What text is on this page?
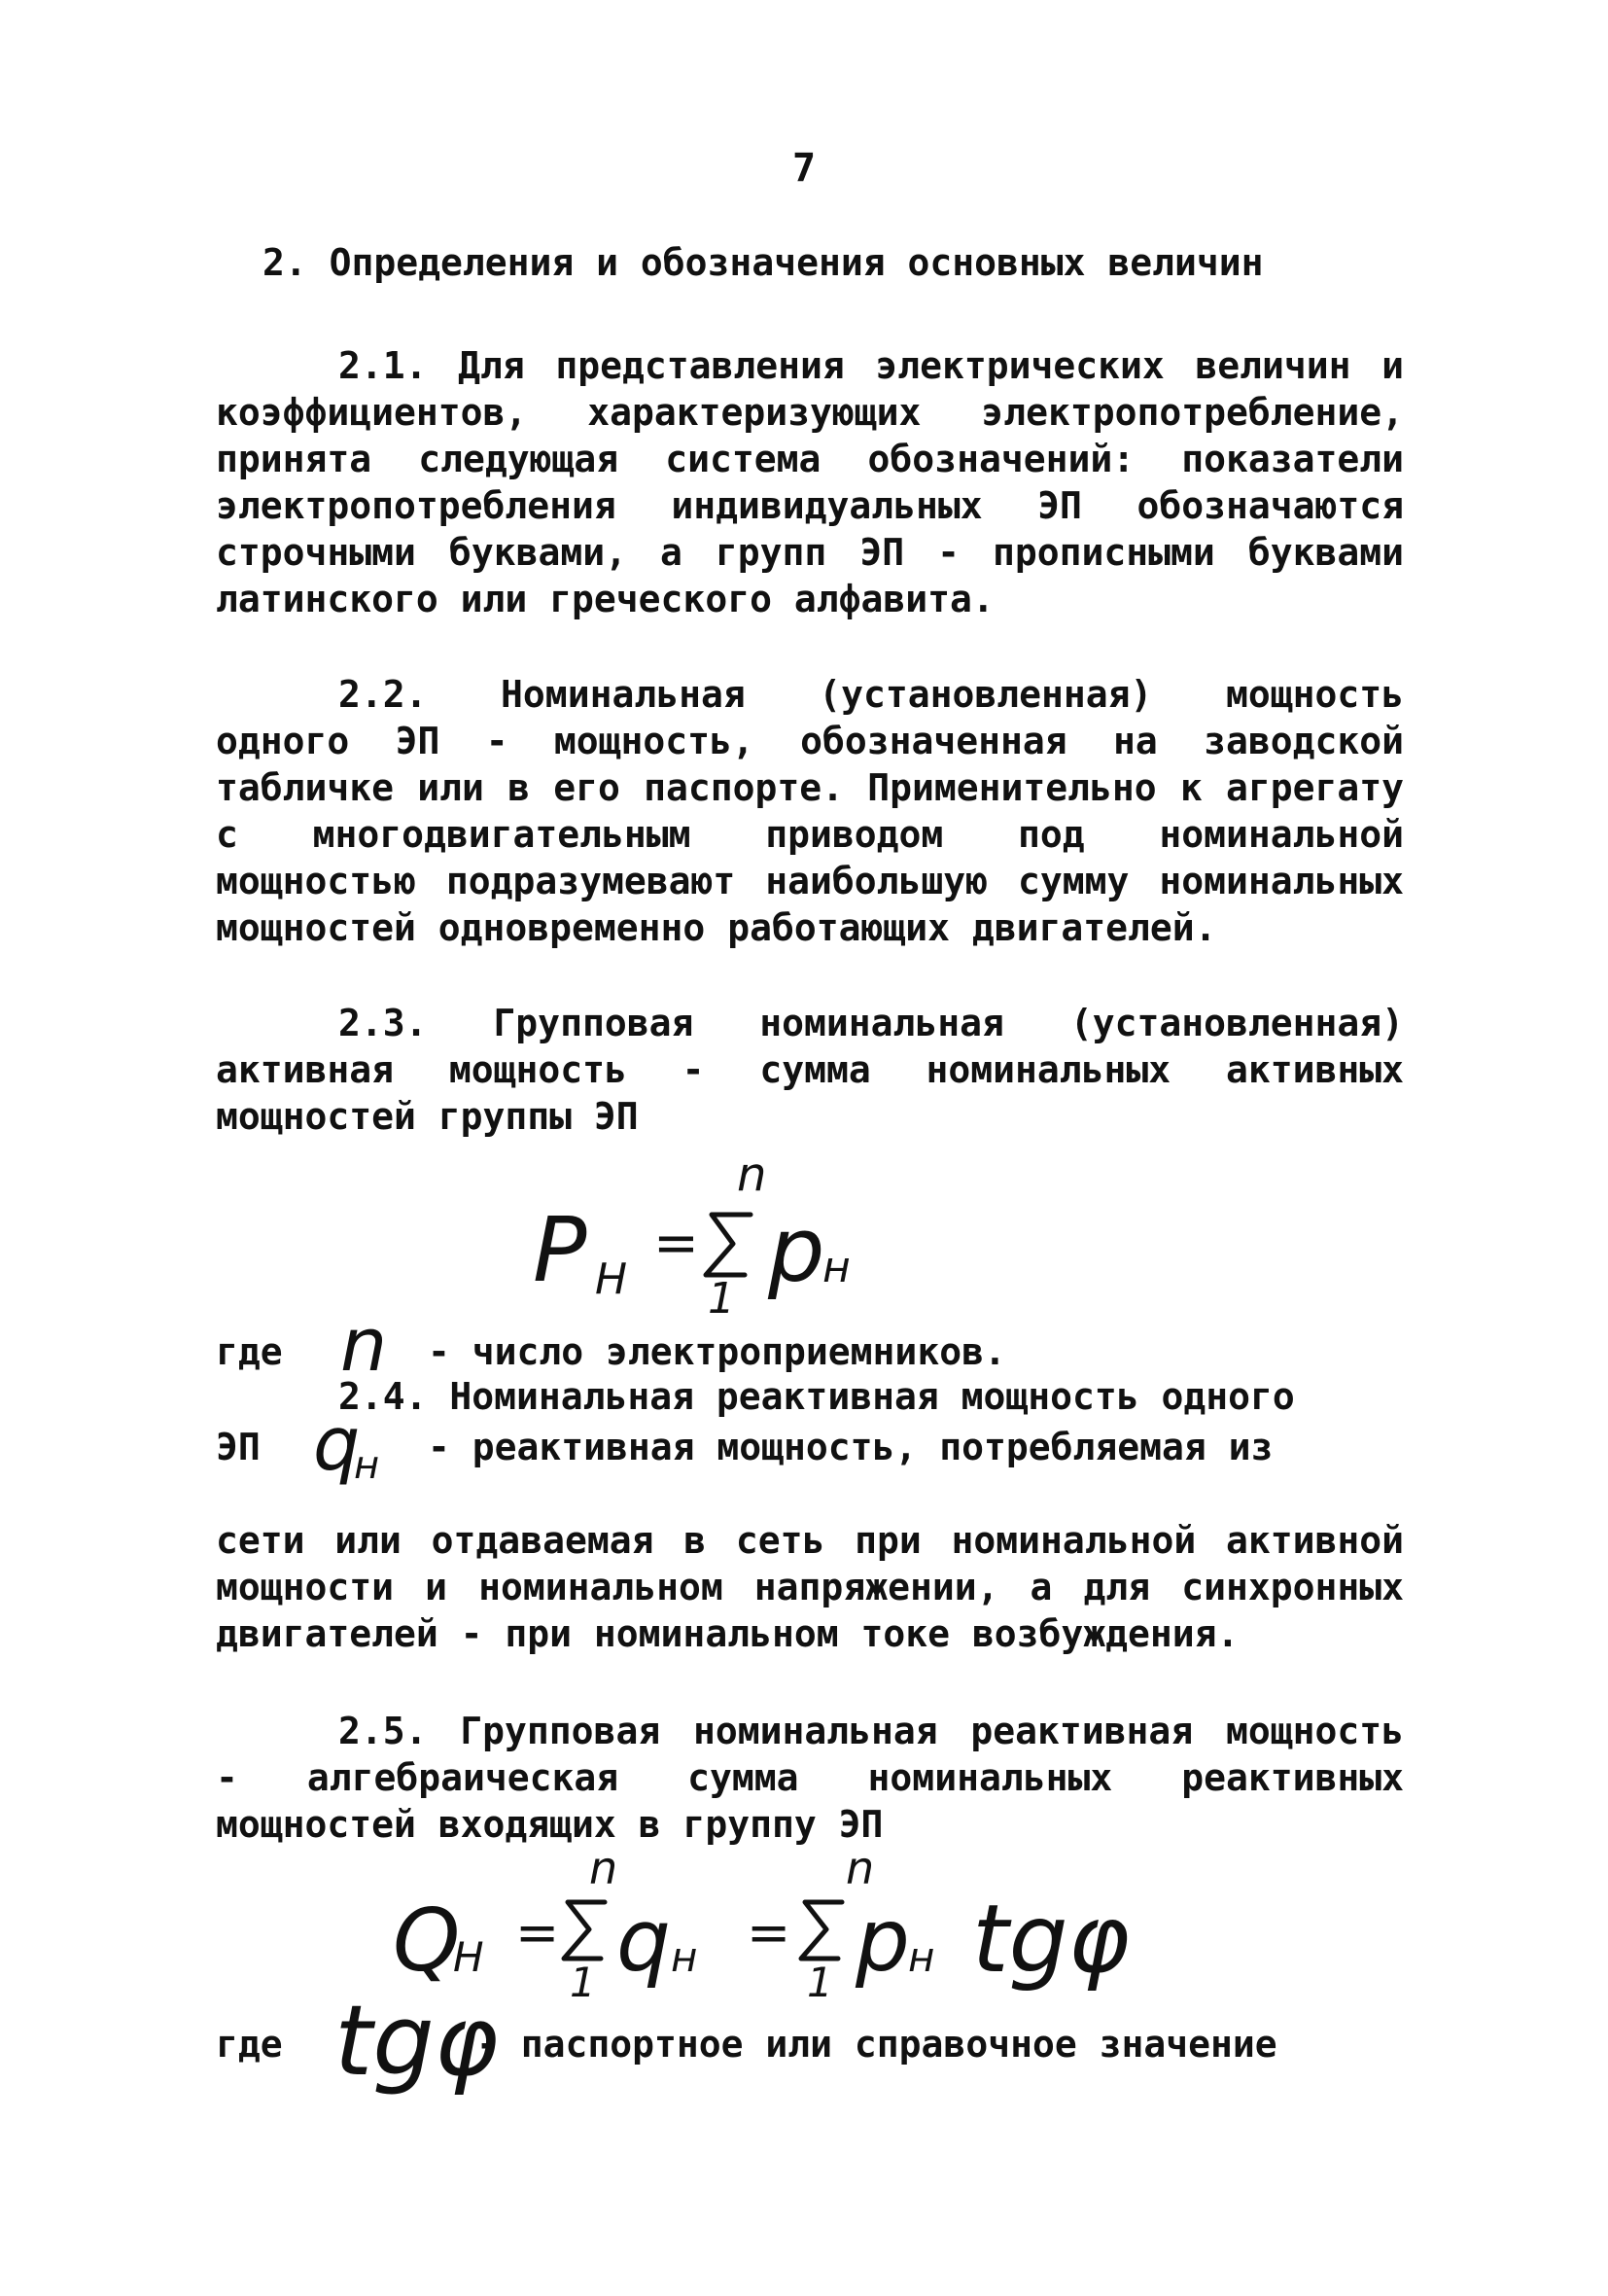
7
2. Определения и обозначения основных величин

2.1. Для представления электрических величин и коэффициентов, характеризующих электропотребление, принята следующая система обозначений: показатели электропотребления индивидуальных ЭП обозначаются строчными буквами, а групп ЭП - прописными буквами латинского или греческого алфавита.

2.2. Номинальная (установленная) мощность одного ЭП - мощность, обозначенная на заводской табличке или в его паспорте. Применительно к агрегату с многодвигательным приводом под номинальной мощностью подразумевают наибольшую сумму номинальных мощностей одновременно работающих двигателей.

2.3. Групповая номинальная (установленная) активная мощность - сумма номинальных активных мощностей группы ЭП

P Н
=
n
1 p
н
где n - число электроприемников.
2.4. Номинальная реактивная мощность одного
ЭП q
н - реактивная мощность, потребляемая из

сети или отдаваемая в сеть при номинальной активной мощности и номинальном напряжении, а для синхронных двигателей - при номинальном токе возбуждения.

2.5. Групповая номинальная реактивная мощность - алгебраическая сумма номинальных реактивных мощностей входящих в группу ЭП

Q
Н =
n
1 q н =
n
1 p
н tgφ
где tgφ
- паспортное или справочное значение
